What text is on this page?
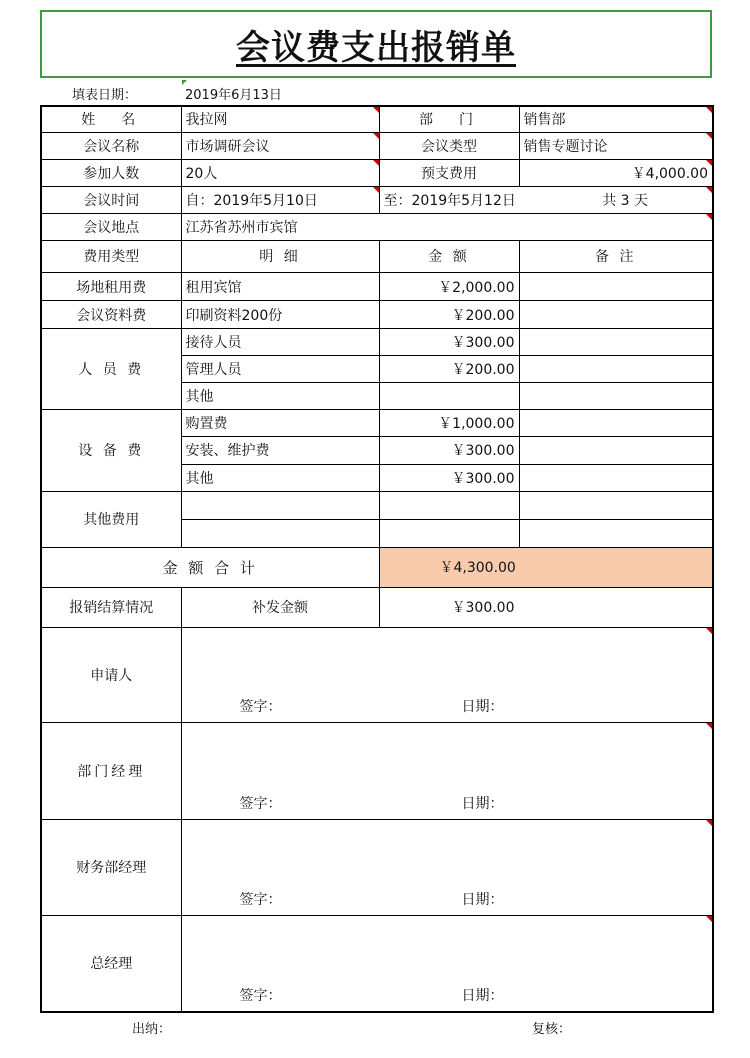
会议费支出报销单
填表日期：	2019年6月13日
姓　名	我拉网	部　门	销售部
会议名称	市场调研会议	会议类型	销售专题讨论
参加人数	20人	预支费用	￥4,000.00
会议时间	自：2019年5月10日	至：2019年5月12日 共 3 天	

会议地点	江苏省苏州市宾馆		
费用类型	明 细	金 额	备 注
场地租用费	租用宾馆	￥2,000.00	
会议资料费	印刷资料200份	￥200.00	
人 员 费	接待人员	￥300.00	
	管理人员	￥200.00	
	其他		
设 备 费	购置费	￥1,000.00	
	安装、维护费	￥300.00	
	其他	￥300.00	
其他费用			

金 额 合 计		￥4,300.00	
报销结算情况	补发金额	￥300.00	
申请人	签字： 日期：		

部门经理	签字： 日期：		

财务部经理	签字： 日期：		

总经理	签字： 日期：		
出纳：	复核：
